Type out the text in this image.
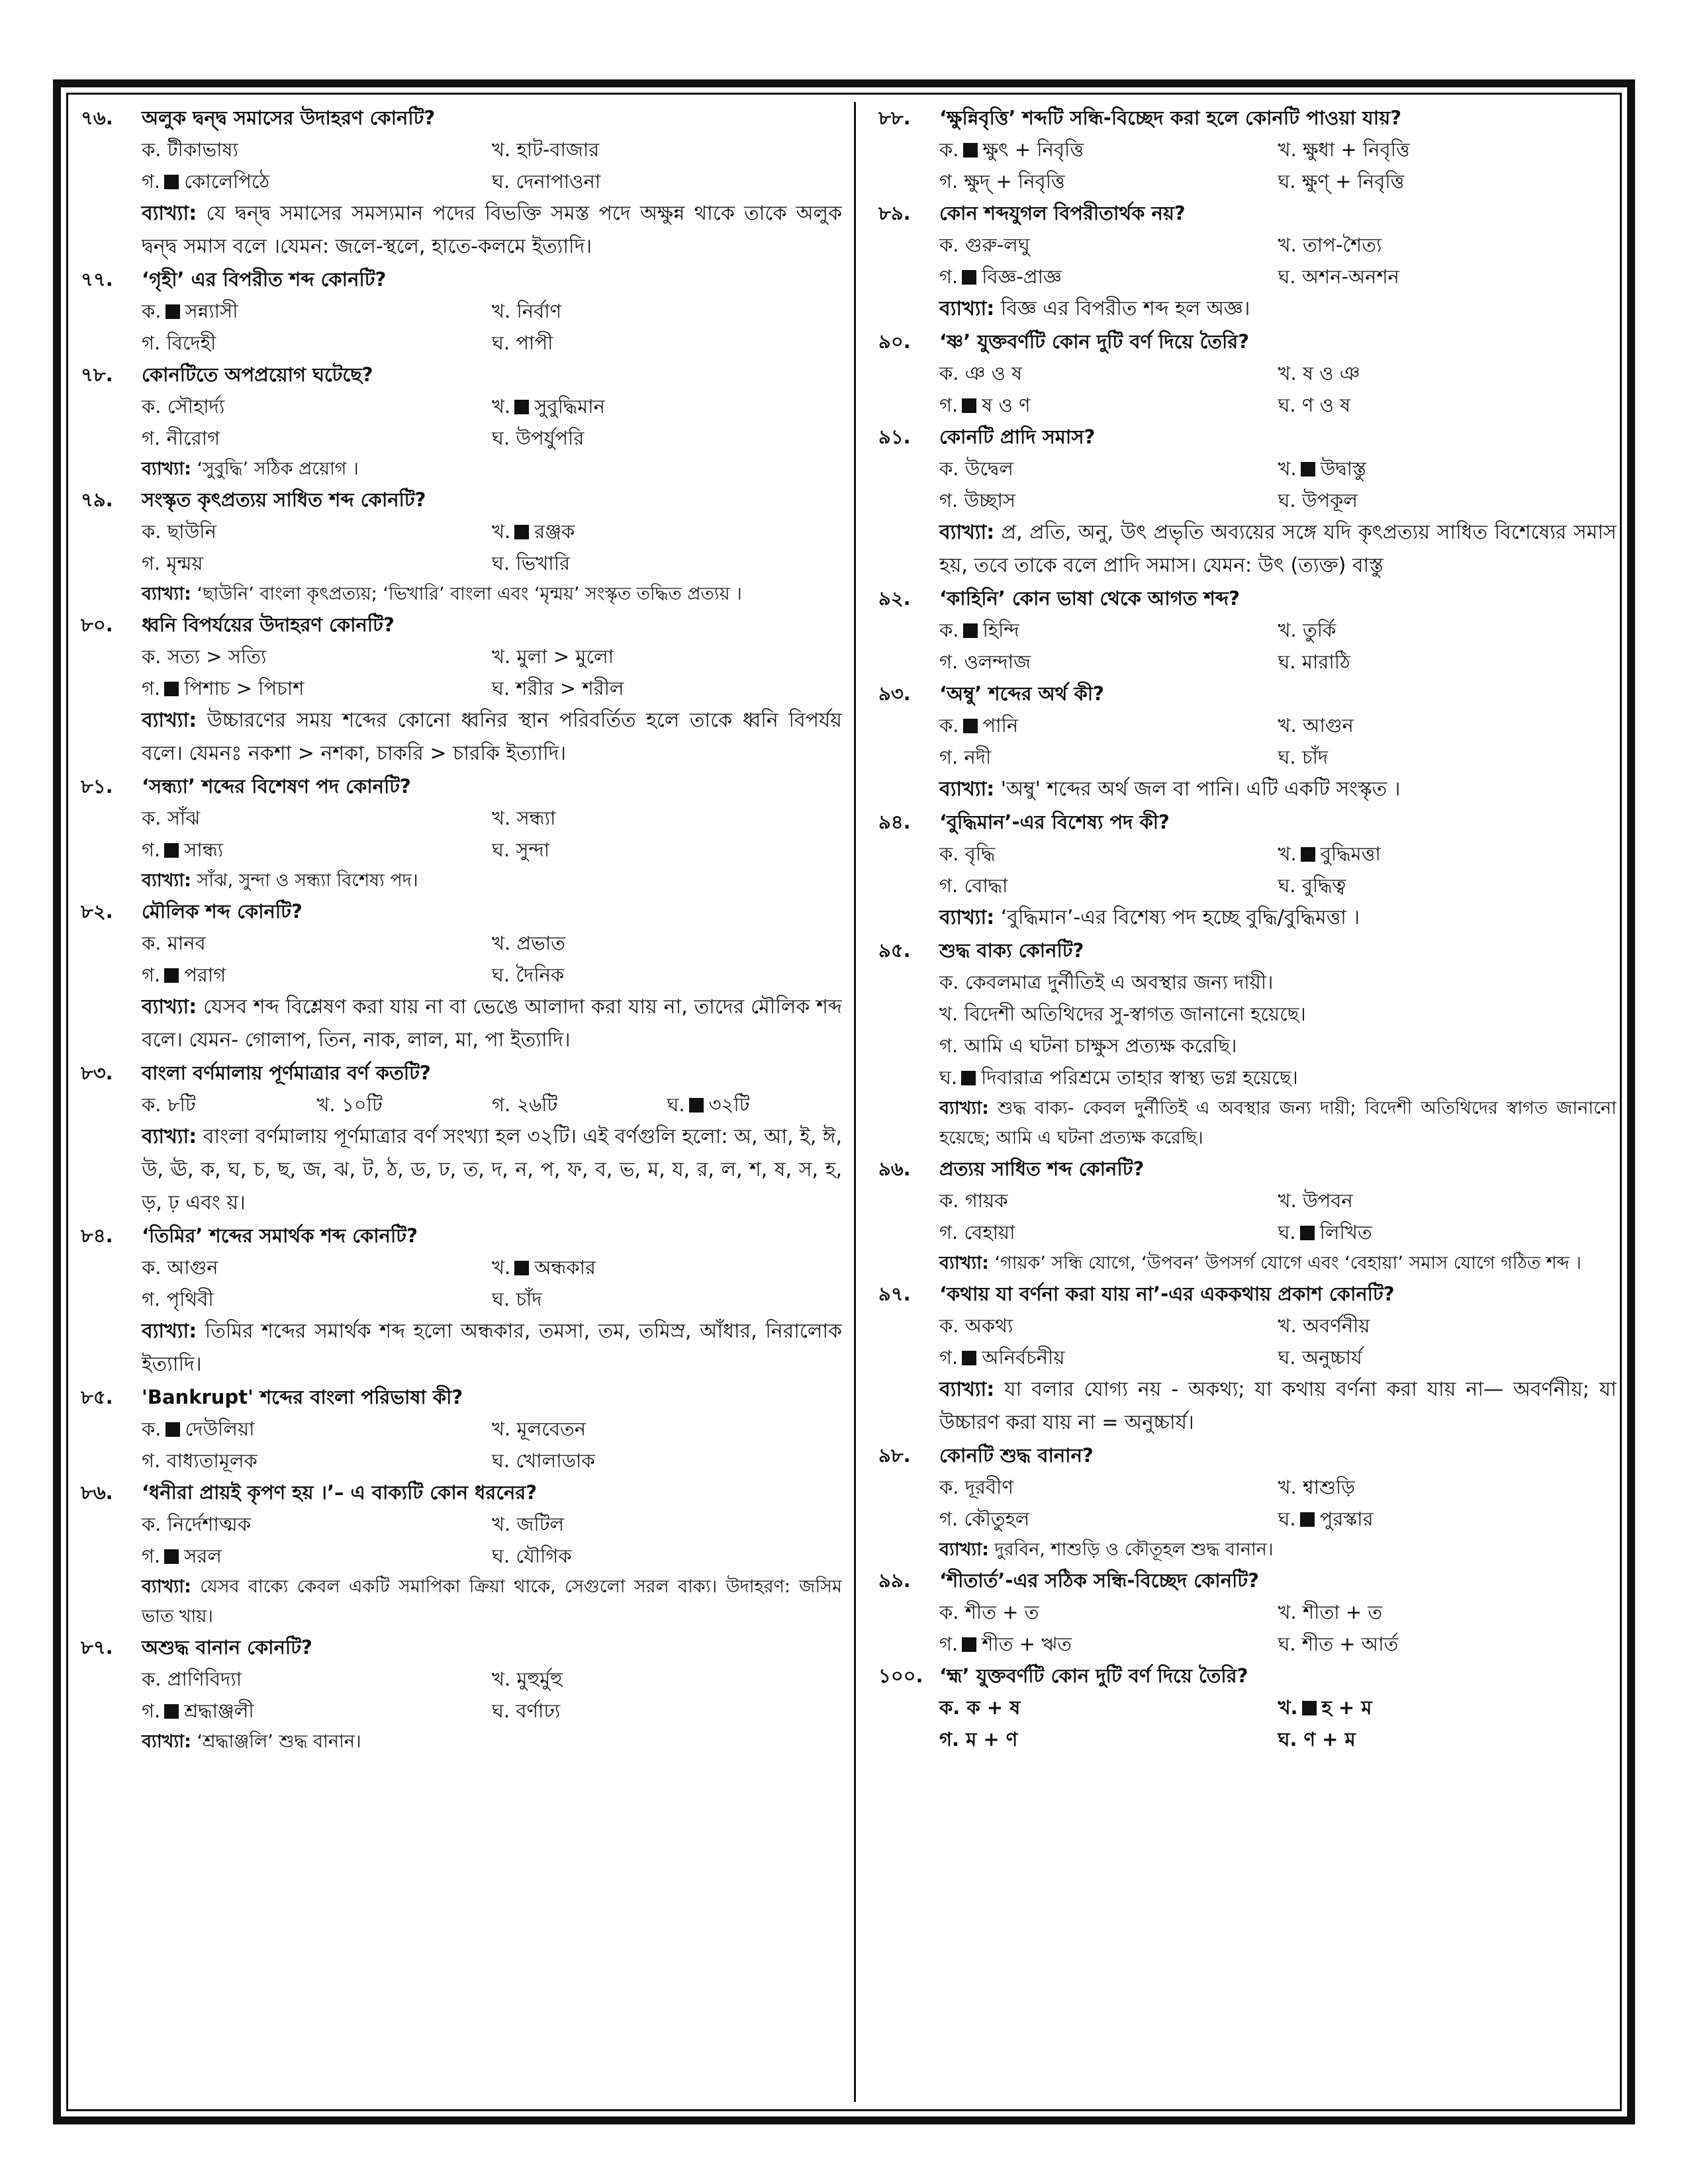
৭৬.	অলুক দ্বন্দ্ব সমাসের উদাহরণ কোনটি?
ক. টীকাভাষ্য	খ. হাট-বাজার
গ. কোলেপিঠে	ঘ. দেনাপাওনা
ব্যাখ্যা: যে দ্বন্দ্ব সমাসের সমস্যমান পদের বিভক্তি সমস্ত পদে অক্ষুন্ন থাকে তাকে অলুক দ্বন্দ্ব সমাস বলে ।যেমন: জলে-স্থলে, হাতে-কলমে ইত্যাদি।
৭৭.	‘গৃহী’ এর বিপরীত শব্দ কোনটি?
ক. সন্ন্যাসী	খ. নির্বাণ
গ. বিদেহী	ঘ. পাপী
৭৮.	কোনটিতে অপপ্রয়োগ ঘটেছে?
ক. সৌহার্দ্য	খ. সুবুদ্ধিমান
গ. নীরোগ	ঘ. উপর্যুপরি
ব্যাখ্যা: ‘সুবুদ্ধি’ সঠিক প্রয়োগ ।
৭৯.	সংস্কৃত কৃৎপ্রত্যয় সাধিত শব্দ কোনটি?
ক. ছাউনি	খ. রঞ্জক
গ. মৃন্ময়	ঘ. ভিখারি
ব্যাখ্যা: ‘ছাউনি’ বাংলা কৃৎপ্রত্যয়; ‘ভিখারি’ বাংলা এবং ‘মৃন্ময়’ সংস্কৃত তদ্ধিত প্রত্যয় ।
৮০.	ধ্বনি বিপর্যয়ের উদাহরণ কোনটি?
ক. সত্য > সত্যি	খ. মুলা > মুলো
গ. পিশাচ > পিচাশ	ঘ. শরীর > শরীল
ব্যাখ্যা: উচ্চারণের সময় শব্দের কোনো ধ্বনির স্থান পরিবর্তিত হলে তাকে ধ্বনি বিপর্যয় বলে। যেমনঃ নকশা > নশকা, চাকরি > চারকি ইত্যাদি।
৮১.	‘সন্ধ্যা’ শব্দের বিশেষণ পদ কোনটি?
ক. সাঁঝ	খ. সন্ধ্যা
গ. সান্ধ্য	ঘ. সুন্দা
ব্যাখ্যা: সাঁঝ, সুন্দা ও সন্ধ্যা বিশেষ্য পদ।
৮২.	মৌলিক শব্দ কোনটি?
ক. মানব	খ. প্রভাত
গ. পরাগ	ঘ. দৈনিক
ব্যাখ্যা: যেসব শব্দ বিশ্লেষণ করা যায় না বা ভেঙে আলাদা করা যায় না, তাদের মৌলিক শব্দ বলে। যেমন- গোলাপ, তিন, নাক, লাল, মা, পা ইত্যাদি।
৮৩.	বাংলা বর্ণমালায় পূর্ণমাত্রার বর্ণ কতটি?
ক. ৮টি	খ. ১০টি	গ. ২৬টি	ঘ. ৩২টি
ব্যাখ্যা: বাংলা বর্ণমালায় পূর্ণমাত্রার বর্ণ সংখ্যা হল ৩২টি। এই বর্ণগুলি হলো: অ, আ, ই, ঈ, উ, ঊ, ক, ঘ, চ, ছ, জ, ঝ, ট, ঠ, ড, ঢ, ত, দ, ন, প, ফ, ব, ভ, ম, য, র, ল, শ, ষ, স, হ, ড়, ঢ় এবং য়।
৮৪.	‘তিমির’ শব্দের সমার্থক শব্দ কোনটি?
ক. আগুন	খ. অন্ধকার
গ. পৃথিবী	ঘ. চাঁদ
ব্যাখ্যা: তিমির শব্দের সমার্থক শব্দ হলো অন্ধকার, তমসা, তম, তমিস্র, আঁধার, নিরালোক ইত্যাদি।
৮৫.	'Bankrupt' শব্দের বাংলা পরিভাষা কী?
ক. দেউলিয়া	খ. মূলবেতন
গ. বাধ্যতামূলক	ঘ. খোলাডাক
৮৬.	‘ধনীরা প্রায়ই কৃপণ হয় ।’– এ বাক্যটি কোন ধরনের?
ক. নির্দেশাত্মক	খ. জটিল
গ. সরল	ঘ. যৌগিক
ব্যাখ্যা: যেসব বাক্যে কেবল একটি সমাপিকা ক্রিয়া থাকে, সেগুলো সরল বাক্য। উদাহরণ: জসিম ভাত খায়।
৮৭.	অশুদ্ধ বানান কোনটি?
ক. প্রাণিবিদ্যা	খ. মুহুর্মুহু
গ. শ্রদ্ধাঞ্জলী	ঘ. বর্ণাঢ্য
ব্যাখ্যা: ‘শ্রদ্ধাঞ্জলি’ শুদ্ধ বানান।
৮৮.	‘ক্ষুন্নিবৃত্তি’ শব্দটি সন্ধি-বিচ্ছেদ করা হলে কোনটি পাওয়া যায়?
ক. ক্ষুৎ + নিবৃত্তি	খ. ক্ষুধা + নিবৃত্তি
গ. ক্ষুদ্‌ + নিবৃত্তি	ঘ. ক্ষুণ্‌ + নিবৃত্তি
৮৯.	কোন শব্দযুগল বিপরীতার্থক নয়?
ক. গুরু-লঘু	খ. তাপ-শৈত্য
গ. বিজ্ঞ-প্রাজ্ঞ	ঘ. অশন-অনশন
ব্যাখ্যা: বিজ্ঞ এর বিপরীত শব্দ হল অজ্ঞ।
৯০.	‘ষ্ণ’ যুক্তবর্ণটি কোন দুটি বর্ণ দিয়ে তৈরি?
ক. ঞ ও ষ	খ. ষ ও ঞ
গ. ষ ও ণ	ঘ. ণ ও ষ
৯১.	কোনটি প্রাদি সমাস?
ক. উদ্বেল	খ. উদ্বাস্তু
গ. উচ্ছাস	ঘ. উপকূল
ব্যাখ্যা: প্র, প্রতি, অনু, উৎ প্রভৃতি অব্যয়ের সঙ্গে যদি কৃৎপ্রত্যয় সাধিত বিশেষ্যের সমাস হয়, তবে তাকে বলে প্রাদি সমাস। যেমন: উৎ (ত্যক্ত) বাস্তু
৯২.	‘কাহিনি’ কোন ভাষা থেকে আগত শব্দ?
ক. হিন্দি	খ. তুর্কি
গ. ওলন্দাজ	ঘ. মারাঠি
৯৩.	‘অম্বু’ শব্দের অর্থ কী?
ক. পানি	খ. আগুন
গ. নদী	ঘ. চাঁদ
ব্যাখ্যা: 'অম্বু' শব্দের অর্থ জল বা পানি। এটি একটি সংস্কৃত ।
৯৪.	‘বুদ্ধিমান’-এর বিশেষ্য পদ কী?
ক. বৃদ্ধি	খ. বুদ্ধিমত্তা
গ. বোদ্ধা	ঘ. বুদ্ধিত্ব
ব্যাখ্যা: ‘বুদ্ধিমান’-এর বিশেষ্য পদ হচ্ছে বুদ্ধি/বুদ্ধিমত্তা ।
৯৫.	শুদ্ধ বাক্য কোনটি?
ক. কেবলমাত্র দুর্নীতিই এ অবস্থার জন্য দায়ী।
খ. বিদেশী অতিথিদের সু-স্বাগত জানানো হয়েছে।
গ. আমি এ ঘটনা চাক্ষুস প্রত্যক্ষ করেছি।
ঘ. দিবারাত্র পরিশ্রমে তাহার স্বাস্থ্য ভগ্ন হয়েছে।
ব্যাখ্যা: শুদ্ধ বাক্য- কেবল দুর্নীতিই এ অবস্থার জন্য দায়ী; বিদেশী অতিথিদের স্বাগত জানানো হয়েছে; আমি এ ঘটনা প্রত্যক্ষ করেছি।
৯৬.	প্রত্যয় সাধিত শব্দ কোনটি?
ক. গায়ক	খ. উপবন
গ. বেহায়া	ঘ. লিখিত
ব্যাখ্যা: ‘গায়ক’ সন্ধি যোগে, ‘উপবন’ উপসর্গ যোগে এবং ‘বেহায়া’ সমাস যোগে গঠিত শব্দ ।
৯৭.	‘কথায় যা বর্ণনা করা যায় না’-এর এককথায় প্রকাশ কোনটি?
ক. অকথ্য	খ. অবর্ণনীয়
গ. অনির্বচনীয়	ঘ. অনুচ্চার্য
ব্যাখ্যা: যা বলার যোগ্য নয় - অকথ্য; যা কথায় বর্ণনা করা যায় না— অবর্ণনীয়; যা উচ্চারণ করা যায় না = অনুচ্চার্য।
৯৮.	কোনটি শুদ্ধ বানান?
ক. দূরবীণ	খ. শ্বাশুড়ি
গ. কৌতুহল	ঘ. পুরস্কার
ব্যাখ্যা: দুরবিন, শাশুড়ি ও কৌতূহল শুদ্ধ বানান।
৯৯.	‘শীতার্ত’-এর সঠিক সন্ধি-বিচ্ছেদ কোনটি?
ক. শীত + ত	খ. শীতা + ত
গ. শীত + ঋত	ঘ. শীত + আর্ত
১০০. ‘হ্ম’ যুক্তবর্ণটি কোন দুটি বর্ণ দিয়ে তৈরি?
ক. ক + ষ	খ. হ + ম
গ. ম + ণ	ঘ. ণ + ম
